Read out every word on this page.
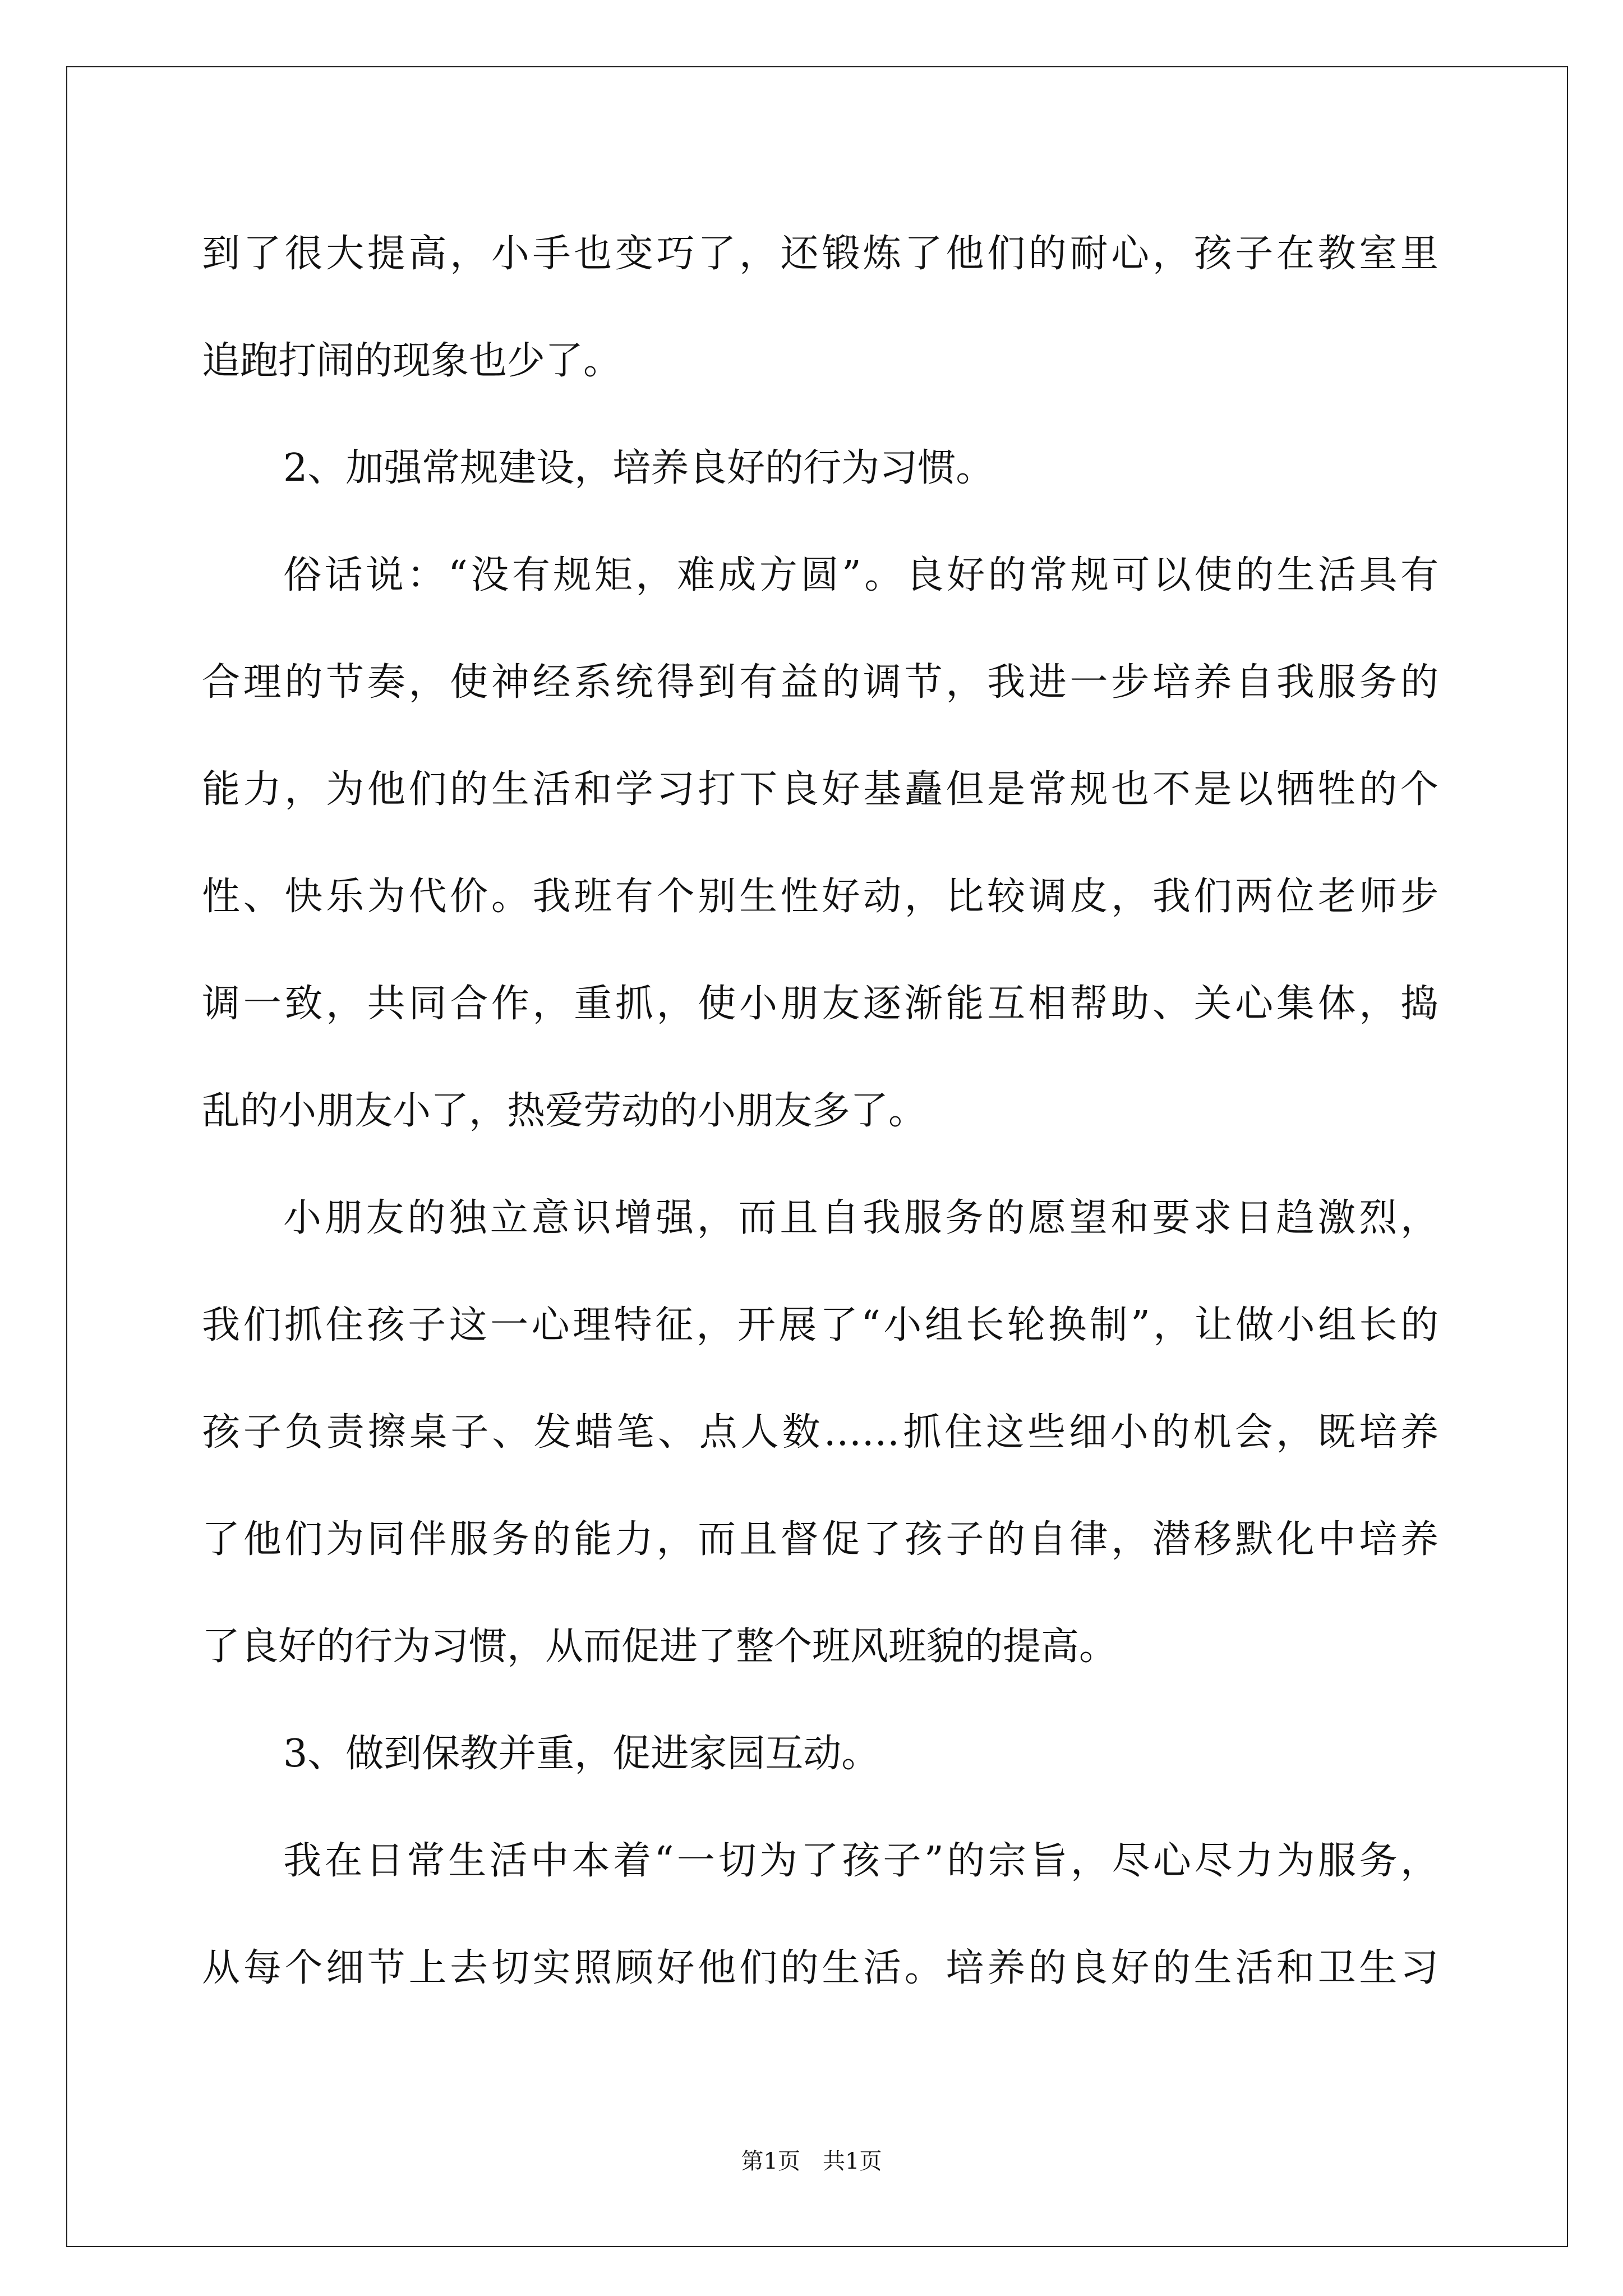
到了很大提高，小手也变巧了，还锻炼了他们的耐心，孩子在教室里
追跑打闹的现象也少了。
2、加强常规建设，培养良好的行为习惯。
俗话说：“没有规矩，难成方圆”。良好的常规可以使的生活具有
合理的节奏，使神经系统得到有益的调节，我进一步培养自我服务的
能力，为他们的生活和学习打下良好基矗但是常规也不是以牺牲的个
性、快乐为代价。我班有个别生性好动，比较调皮，我们两位老师步
调一致，共同合作，重抓，使小朋友逐渐能互相帮助、关心集体，捣
乱的小朋友小了，热爱劳动的小朋友多了。
小朋友的独立意识增强，而且自我服务的愿望和要求日趋激烈，
我们抓住孩子这一心理特征，开展了“小组长轮换制”，让做小组长的
孩子负责擦桌子、发蜡笔、点人数……抓住这些细小的机会，既培养
了他们为同伴服务的能力，而且督促了孩子的自律，潜移默化中培养
了良好的行为习惯，从而促进了整个班风班貌的提高。
3、做到保教并重，促进家园互动。
我在日常生活中本着“一切为了孩子”的宗旨，尽心尽力为服务，
从每个细节上去切实照顾好他们的生活。培养的良好的生活和卫生习
第1页　共1页
